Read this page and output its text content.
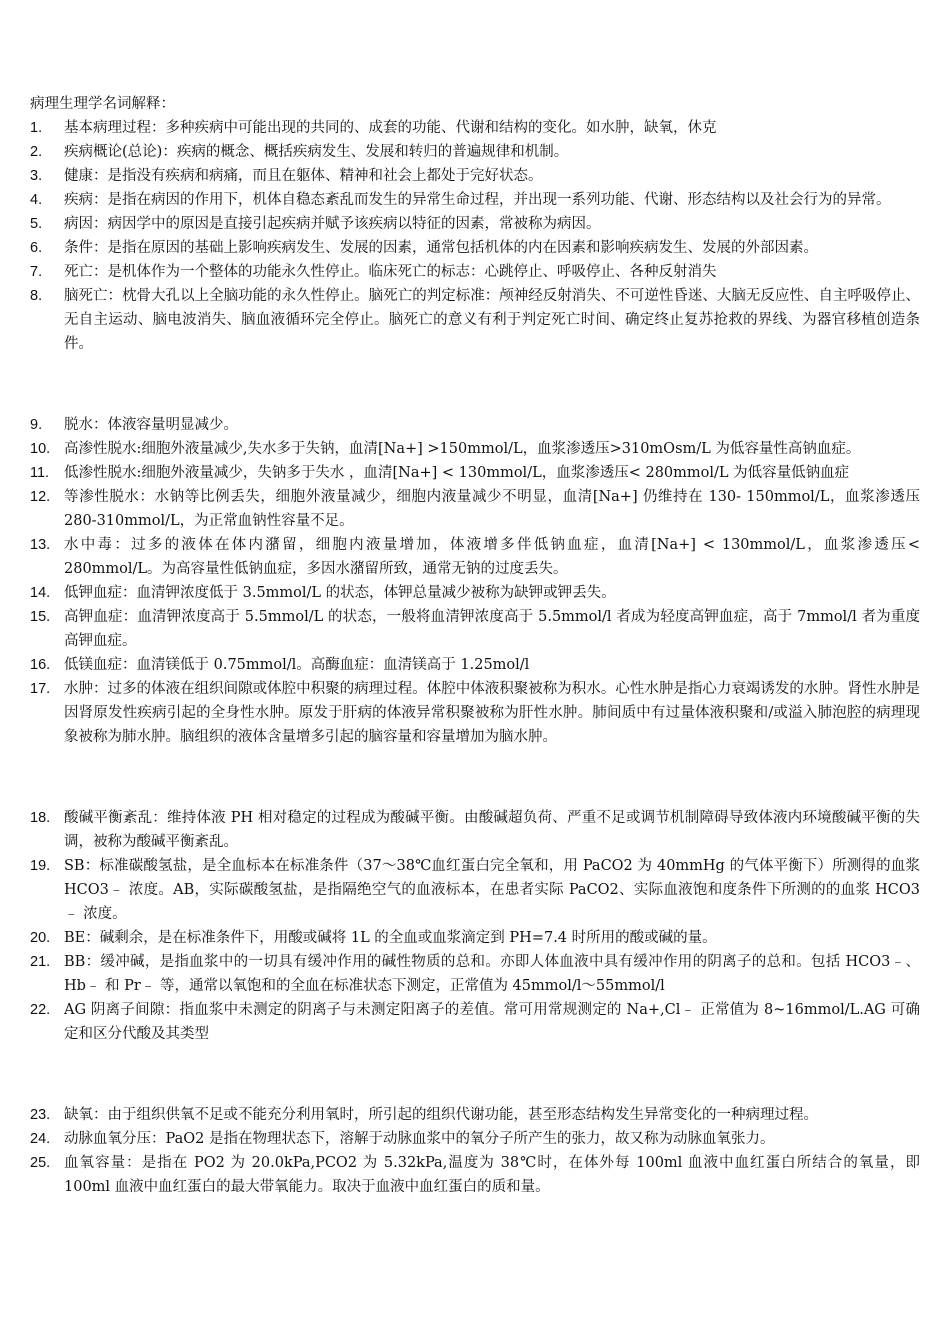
病理生理学名词解释：
1. 基本病理过程：多种疾病中可能出现的共同的、成套的功能、代谢和结构的变化。如水肿，缺氧，休克
2. 疾病概论(总论)：疾病的概念、概括疾病发生、发展和转归的普遍规律和机制。
3. 健康：是指没有疾病和病痛，而且在躯体、精神和社会上都处于完好状态。
4. 疾病：是指在病因的作用下，机体自稳态紊乱而发生的异常生命过程，并出现一系列功能、代谢、形态结构以及社会行为的异常。
5. 病因：病因学中的原因是直接引起疾病并赋予该疾病以特征的因素，常被称为病因。
6. 条件：是指在原因的基础上影响疾病发生、发展的因素，通常包括机体的内在因素和影响疾病发生、发展的外部因素。
7. 死亡：是机体作为一个整体的功能永久性停止。临床死亡的标志：心跳停止、呼吸停止、各种反射消失
8. 脑死亡：枕骨大孔以上全脑功能的永久性停止。脑死亡的判定标准：颅神经反射消失、不可逆性昏迷、大脑无反应性、自主呼吸停止、无自主运动、脑电波消失、脑血液循环完全停止。脑死亡的意义有利于判定死亡时间、确定终止复苏抢救的界线、为器官移植创造条件。
9. 脱水：体液容量明显减少。
10. 高渗性脱水:细胞外液量减少,失水多于失钠，血清[Na+] >150mmol/L，血浆渗透压>310mOsm/L 为低容量性高钠血症。
11. 低渗性脱水:细胞外液量减少，失钠多于失水 ，血清[Na+] < 130mmol/L，血浆渗透压< 280mmol/L 为低容量低钠血症
12. 等渗性脱水：水钠等比例丢失，细胞外液量减少，细胞内液量减少不明显，血清[Na+] 仍维持在 130- 150mmol/L，血浆渗透压 280-310mmol/L，为正常血钠性容量不足。
13. 水中毒：过多的液体在体内潴留，细胞内液量增加，体液增多伴低钠血症，血清[Na+] < 130mmol/L，血浆渗透压< 280mmol/L。为高容量性低钠血症，多因水潴留所致，通常无钠的过度丢失。
14. 低钾血症：血清钾浓度低于 3.5mmol/L 的状态，体钾总量减少被称为缺钾或钾丢失。
15. 高钾血症：血清钾浓度高于 5.5mmol/L 的状态，一般将血清钾浓度高于 5.5mmol/l 者成为轻度高钾血症，高于 7mmol/l 者为重度高钾血症。
16. 低镁血症：血清镁低于 0.75mmol/l。高酶血症：血清镁高于 1.25mol/l
17. 水肿：过多的体液在组织间隙或体腔中积聚的病理过程。体腔中体液积聚被称为积水。心性水肿是指心力衰竭诱发的水肿。肾性水肿是因肾原发性疾病引起的全身性水肿。原发于肝病的体液异常积聚被称为肝性水肿。肺间质中有过量体液积聚和/或溢入肺泡腔的病理现象被称为肺水肿。脑组织的液体含量增多引起的脑容量和容量增加为脑水肿。
18. 酸碱平衡紊乱：维持体液 PH 相对稳定的过程成为酸碱平衡。由酸碱超负荷、严重不足或调节机制障碍导致体液内环境酸碱平衡的失调，被称为酸碱平衡紊乱。
19. SB：标准碳酸氢盐，是全血标本在标准条件（37～38℃血红蛋白完全氧和，用 PaCO2 为 40mmHg 的气体平衡下）所测得的血浆 HCO3﹣ 浓度。AB，实际碳酸氢盐，是指隔绝空气的血液标本，在患者实际 PaCO2、实际血液饱和度条件下所测的的血浆 HCO3﹣ 浓度。
20. BE：碱剩余，是在标准条件下，用酸或碱将 1L 的全血或血浆滴定到 PH=7.4 时所用的酸或碱的量。
21. BB：缓冲碱，是指血浆中的一切具有缓冲作用的碱性物质的总和。亦即人体血液中具有缓冲作用的阴离子的总和。包括 HCO3﹣、Hb﹣ 和 Pr﹣ 等，通常以氧饱和的全血在标准状态下测定，正常值为 45mmol/l～55mmol/l
22. AG 阴离子间隙：指血浆中未测定的阴离子与未测定阳离子的差值。常可用常规测定的 Na+,Cl﹣ 正常值为 8~16mmol/L.AG 可确定和区分代酸及其类型
23. 缺氧：由于组织供氧不足或不能充分利用氧时，所引起的组织代谢功能，甚至形态结构发生异常变化的一种病理过程。
24. 动脉血氧分压：PaO2 是指在物理状态下，溶解于动脉血浆中的氧分子所产生的张力，故又称为动脉血氧张力。
25. 血氧容量：是指在 PO2 为 20.0kPa,PCO2 为 5.32kPa,温度为 38℃时，在体外每 100ml 血液中血红蛋白所结合的氧量，即 100ml 血液中血红蛋白的最大带氧能力。取决于血液中血红蛋白的质和量。
